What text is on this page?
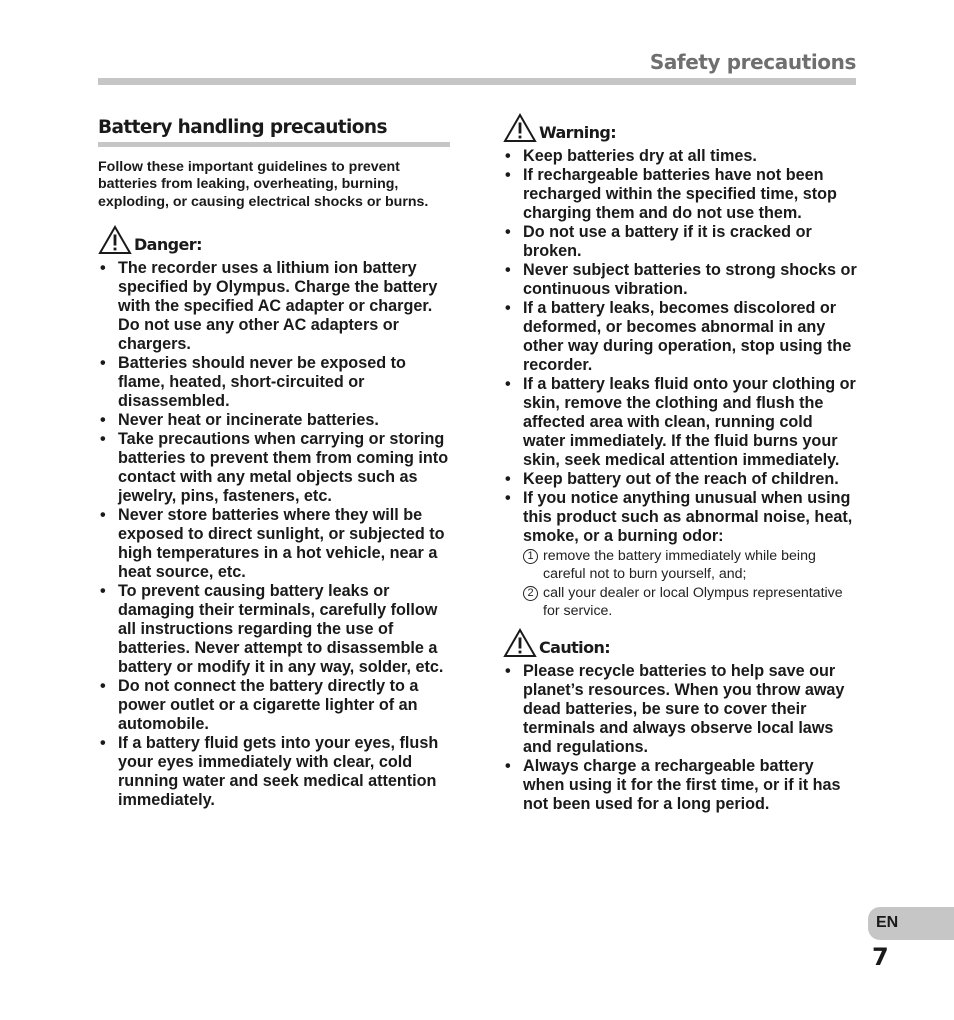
Safety precautions
Battery handling precautions

Follow these important guidelines to prevent batteries from leaking, overheating, burning, exploding, or causing electrical shocks or burns.

Danger:
• The recorder uses a lithium ion battery specified by Olympus. Charge the battery with the specified AC adapter or charger. Do not use any other AC adapters or chargers.
• Batteries should never be exposed to flame, heated, short-circuited or disassembled.
• Never heat or incinerate batteries.
• Take precautions when carrying or storing batteries to prevent them from coming into contact with any metal objects such as jewelry, pins, fasteners, etc.
• Never store batteries where they will be exposed to direct sunlight, or subjected to high temperatures in a hot vehicle, near a heat source, etc.
• To prevent causing battery leaks or damaging their terminals, carefully follow all instructions regarding the use of batteries. Never attempt to disassemble a battery or modify it in any way, solder, etc.
• Do not connect the battery directly to a power outlet or a cigarette lighter of an automobile.
• If a battery fluid gets into your eyes, flush your eyes immediately with clear, cold running water and seek medical attention immediately.
Warning:
• Keep batteries dry at all times.
• If rechargeable batteries have not been recharged within the specified time, stop charging them and do not use them.
• Do not use a battery if it is cracked or broken.
• Never subject batteries to strong shocks or continuous vibration.
• If a battery leaks, becomes discolored or deformed, or becomes abnormal in any other way during operation, stop using the recorder.
• If a battery leaks fluid onto your clothing or skin, remove the clothing and flush the affected area with clean, running cold water immediately. If the fluid burns your skin, seek medical attention immediately.
• Keep battery out of the reach of children.
• If you notice anything unusual when using this product such as abnormal noise, heat, smoke, or a burning odor:
1 remove the battery immediately while being careful not to burn yourself, and;
2 call your dealer or local Olympus representative for service.
Caution:
• Please recycle batteries to help save our planet’s resources. When you throw away dead batteries, be sure to cover their terminals and always observe local laws and regulations.
• Always charge a rechargeable battery when using it for the first time, or if it has not been used for a long period.
EN
7
